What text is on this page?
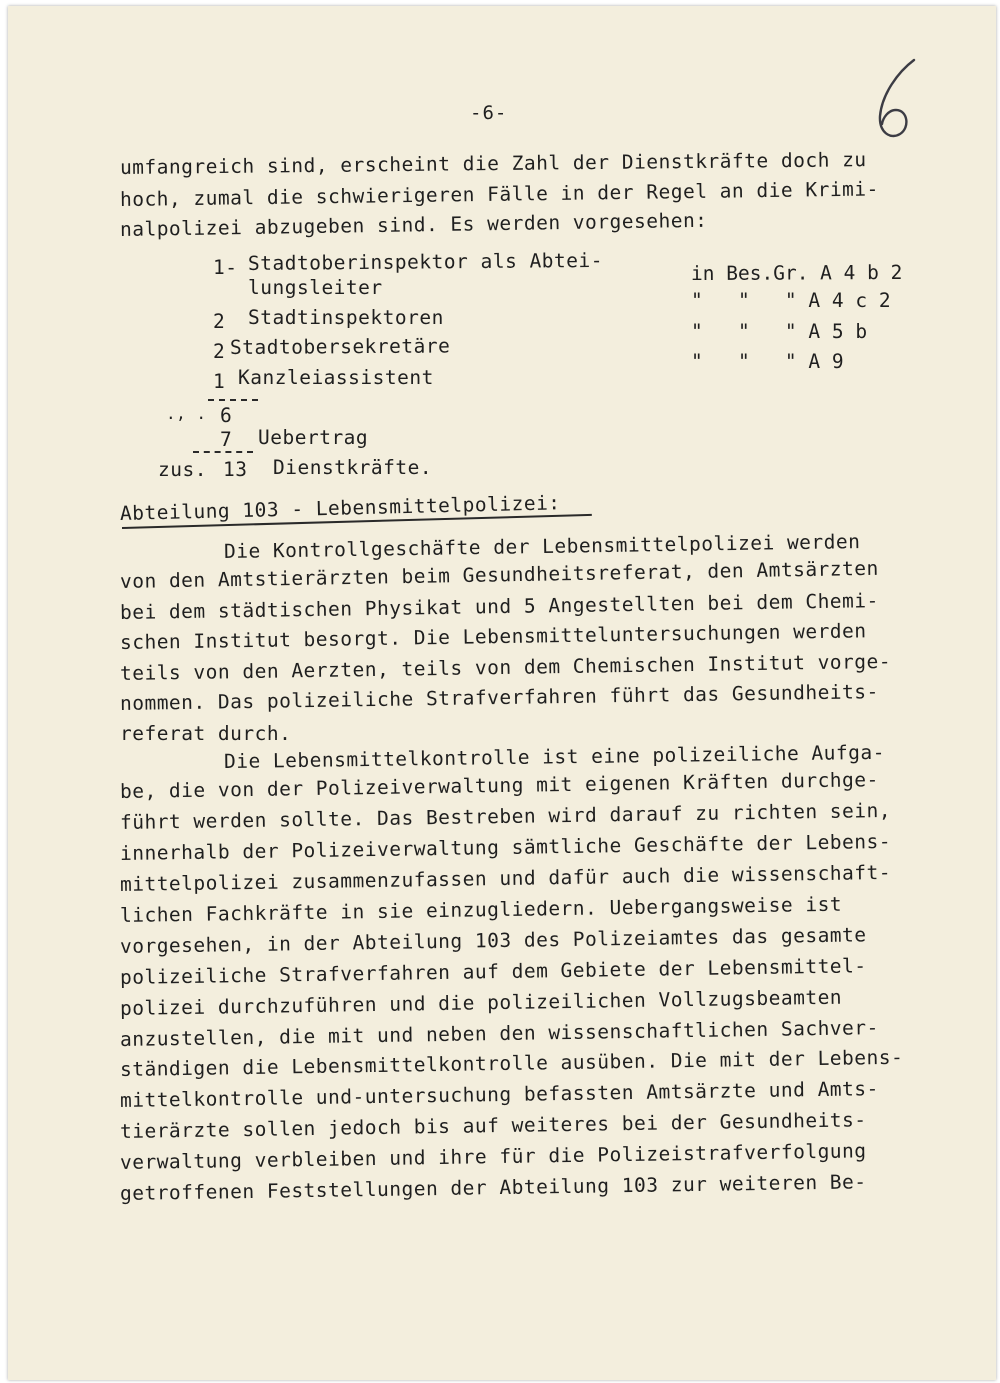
-6-
umfangreich sind, erscheint die Zahl der Dienstkräfte doch zu
hoch, zumal die schwierigeren Fälle in der Regel an die Krimi-
nalpolizei abzugeben sind. Es werden vorgesehen:
1- Stadtoberinspektor als Abtei-
lungsleiter
2 Stadtinspektoren
2 Stadtobersekretäre
1 Kanzleiassistent
in Bes.Gr. A 4 b 2
"   "   " A 4 c 2
"   "   " A 5 b
"   "   " A 9
., . 6
7 Uebertrag
zus. 13 Dienstkräfte.
Abteilung 103 - Lebensmittelpolizei:
Die Kontrollgeschäfte der Lebensmittelpolizei werden
von den Amtstierärzten beim Gesundheitsreferat, den Amtsärzten
bei dem städtischen Physikat und 5 Angestellten bei dem Chemi-
schen Institut besorgt. Die Lebensmitteluntersuchungen werden
teils von den Aerzten, teils von dem Chemischen Institut vorge-
nommen. Das polizeiliche Strafverfahren führt das Gesundheits-
referat durch.
Die Lebensmittelkontrolle ist eine polizeiliche Aufga-
be, die von der Polizeiverwaltung mit eigenen Kräften durchge-
führt werden sollte. Das Bestreben wird darauf zu richten sein,
innerhalb der Polizeiverwaltung sämtliche Geschäfte der Lebens-
mittelpolizei zusammenzufassen und dafür auch die wissenschaft-
lichen Fachkräfte in sie einzugliedern. Uebergangsweise ist
vorgesehen, in der Abteilung 103 des Polizeiamtes das gesamte
polizeiliche Strafverfahren auf dem Gebiete der Lebensmittel-
polizei durchzuführen und die polizeilichen Vollzugsbeamten
anzustellen, die mit und neben den wissenschaftlichen Sachver-
ständigen die Lebensmittelkontrolle ausüben. Die mit der Lebens-
mittelkontrolle und-untersuchung befassten Amtsärzte und Amts-
tierärzte sollen jedoch bis auf weiteres bei der Gesundheits-
verwaltung verbleiben und ihre für die Polizeistrafverfolgung
getroffenen Feststellungen der Abteilung 103 zur weiteren Be-
